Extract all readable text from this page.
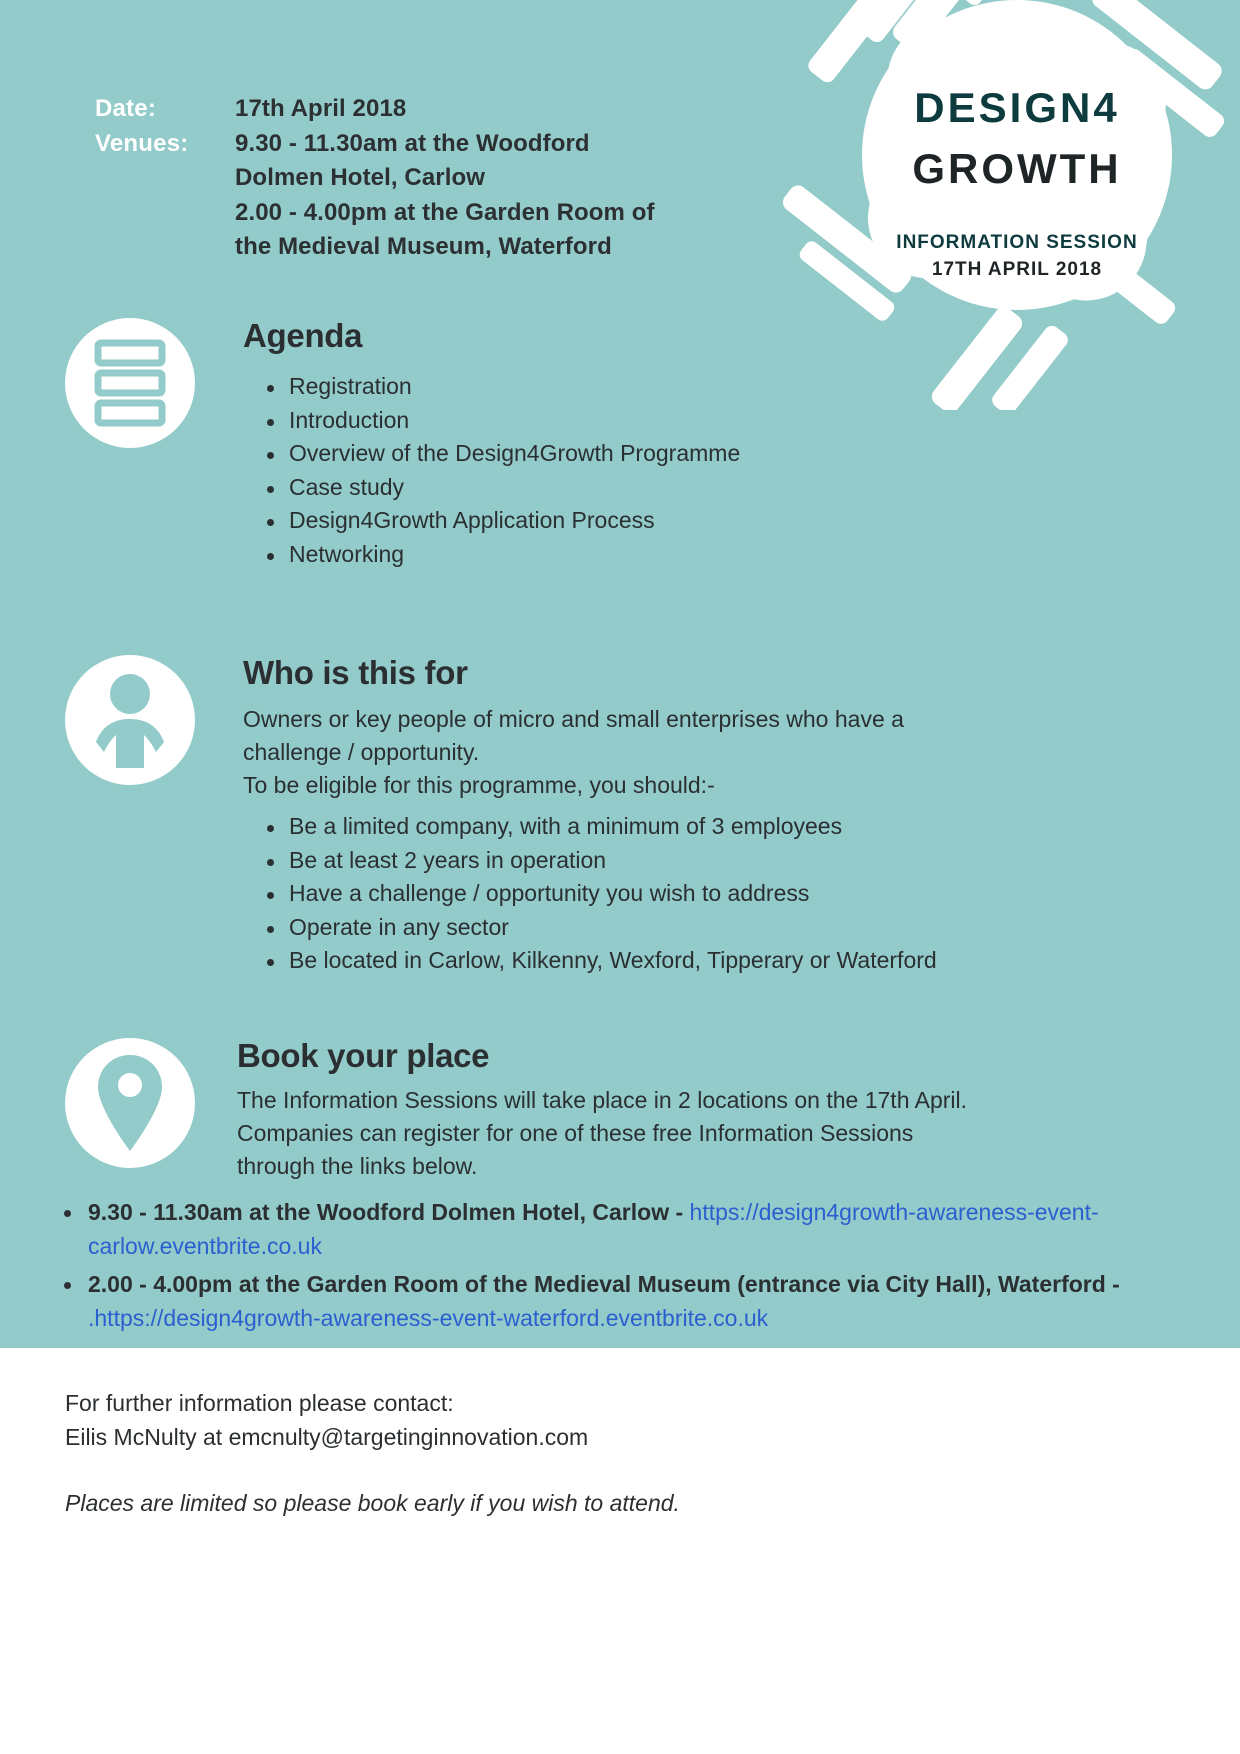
DESIGN4
GROWTH
INFORMATION SESSION
17TH APRIL 2018
Date:
Venues:
17th April 2018
9.30 - 11.30am at the Woodford
Dolmen Hotel, Carlow
2.00 - 4.00pm at the Garden Room of
the Medieval Museum, Waterford
Agenda
Registration
Introduction
Overview of the Design4Growth Programme
Case study
Design4Growth Application Process
Networking
Who is this for

Owners or key people of micro and small enterprises who have a
challenge / opportunity.
To be eligible for this programme, you should:-

Be a limited company, with a minimum of 3 employees
Be at least 2 years in operation
Have a challenge / opportunity you wish to address
Operate in any sector
Be located in Carlow, Kilkenny, Wexford, Tipperary or Waterford
Book your place

The Information Sessions will take place in 2 locations on the 17th April.
Companies can register for one of these free Information Sessions
through the links below.

9.30 - 11.30am at the Woodford Dolmen Hotel, Carlow - https://design4growth-awareness-event-carlow.eventbrite.co.uk
2.00 - 4.00pm at the Garden Room of the Medieval Museum (entrance via City Hall), Waterford - .https://design4growth-awareness-event-waterford.eventbrite.co.uk
For further information please contact:
Eilis McNulty at emcnulty@targetinginnovation.com
Places are limited so please book early if you wish to attend.
